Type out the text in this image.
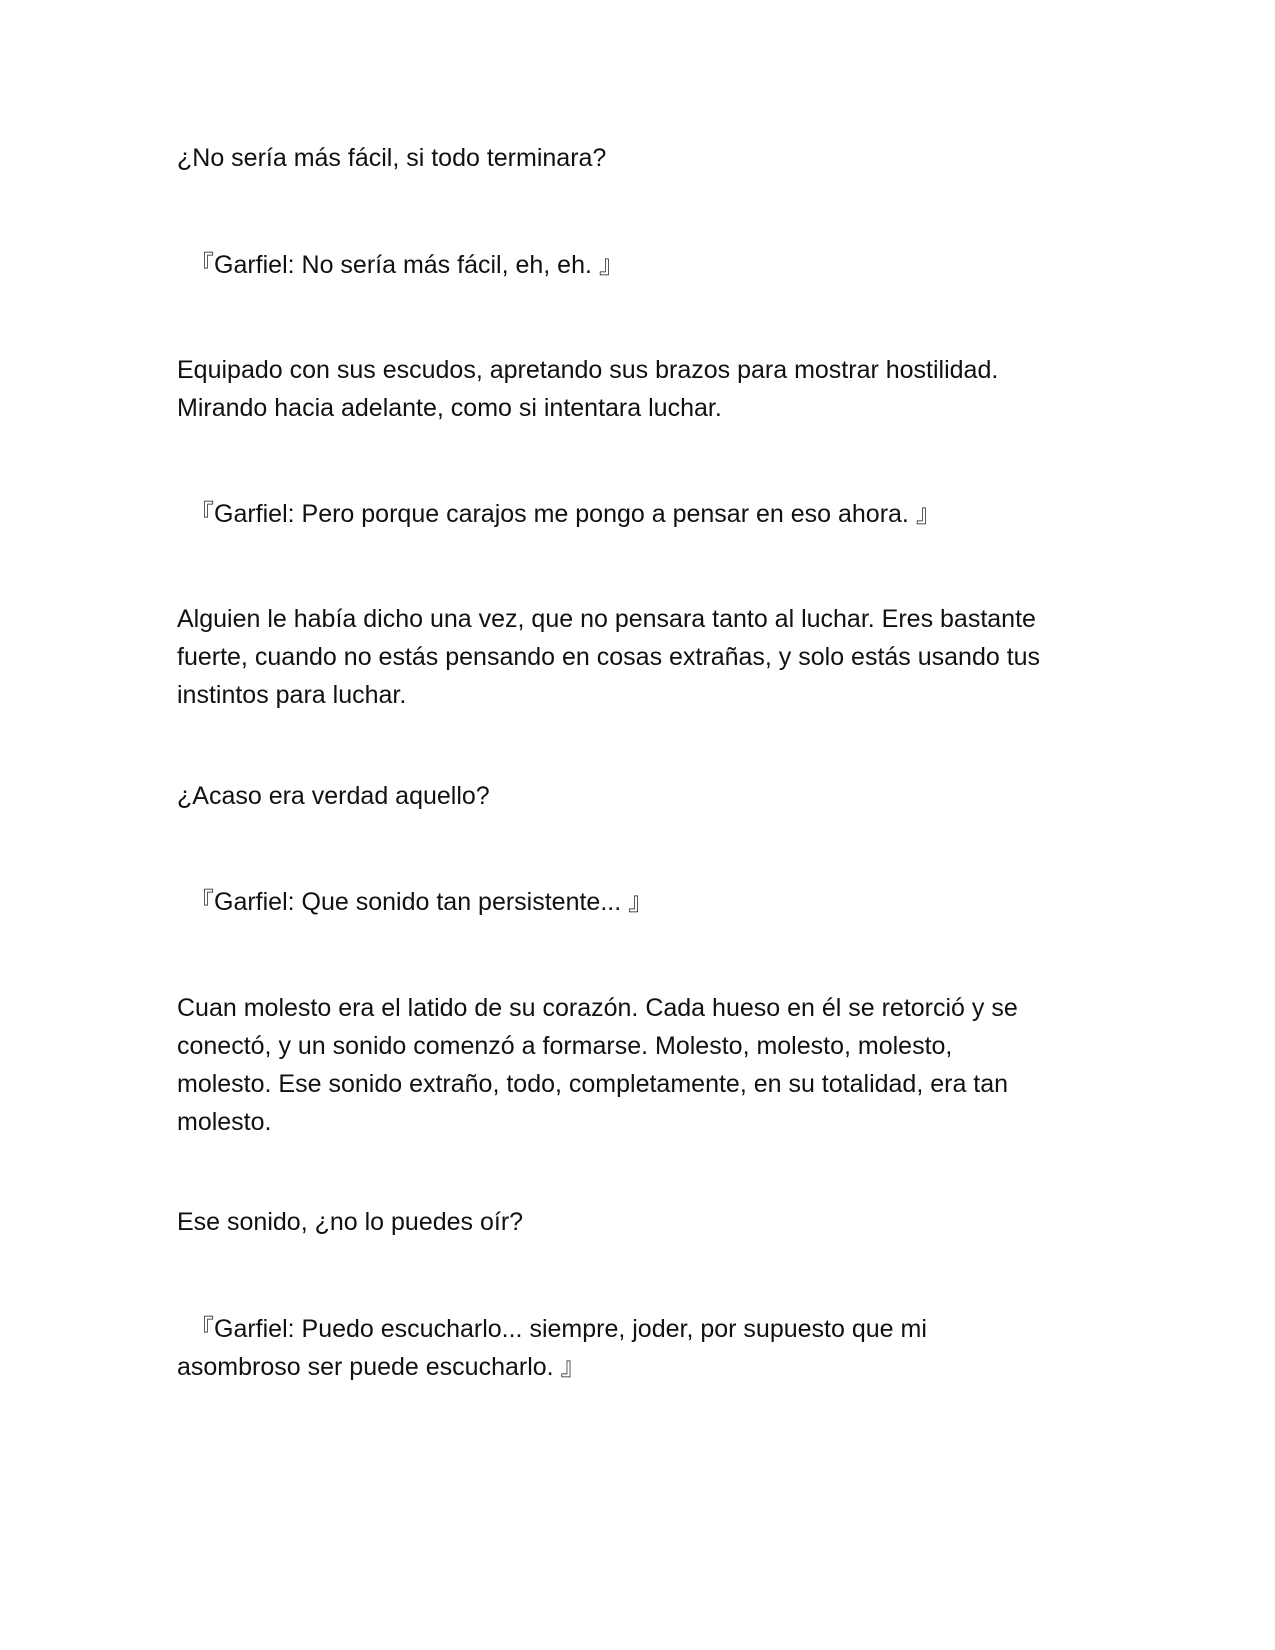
¿No sería más fácil, si todo terminara?

『Garfiel: No sería más fácil, eh, eh. 』

Equipado con sus escudos, apretando sus brazos para mostrar hostilidad.
Mirando hacia adelante, como si intentara luchar.

『Garfiel: Pero porque carajos me pongo a pensar en eso ahora. 』

Alguien le había dicho una vez, que no pensara tanto al luchar. Eres bastante
fuerte, cuando no estás pensando en cosas extrañas, y solo estás usando tus
instintos para luchar.

¿Acaso era verdad aquello?

『Garfiel: Que sonido tan persistente... 』

Cuan molesto era el latido de su corazón. Cada hueso en él se retorció y se
conectó, y un sonido comenzó a formarse. Molesto, molesto, molesto,
molesto. Ese sonido extraño, todo, completamente, en su totalidad, era tan
molesto.

Ese sonido, ¿no lo puedes oír?

『Garfiel: Puedo escucharlo... siempre, joder, por supuesto que mi
asombroso ser puede escucharlo. 』
